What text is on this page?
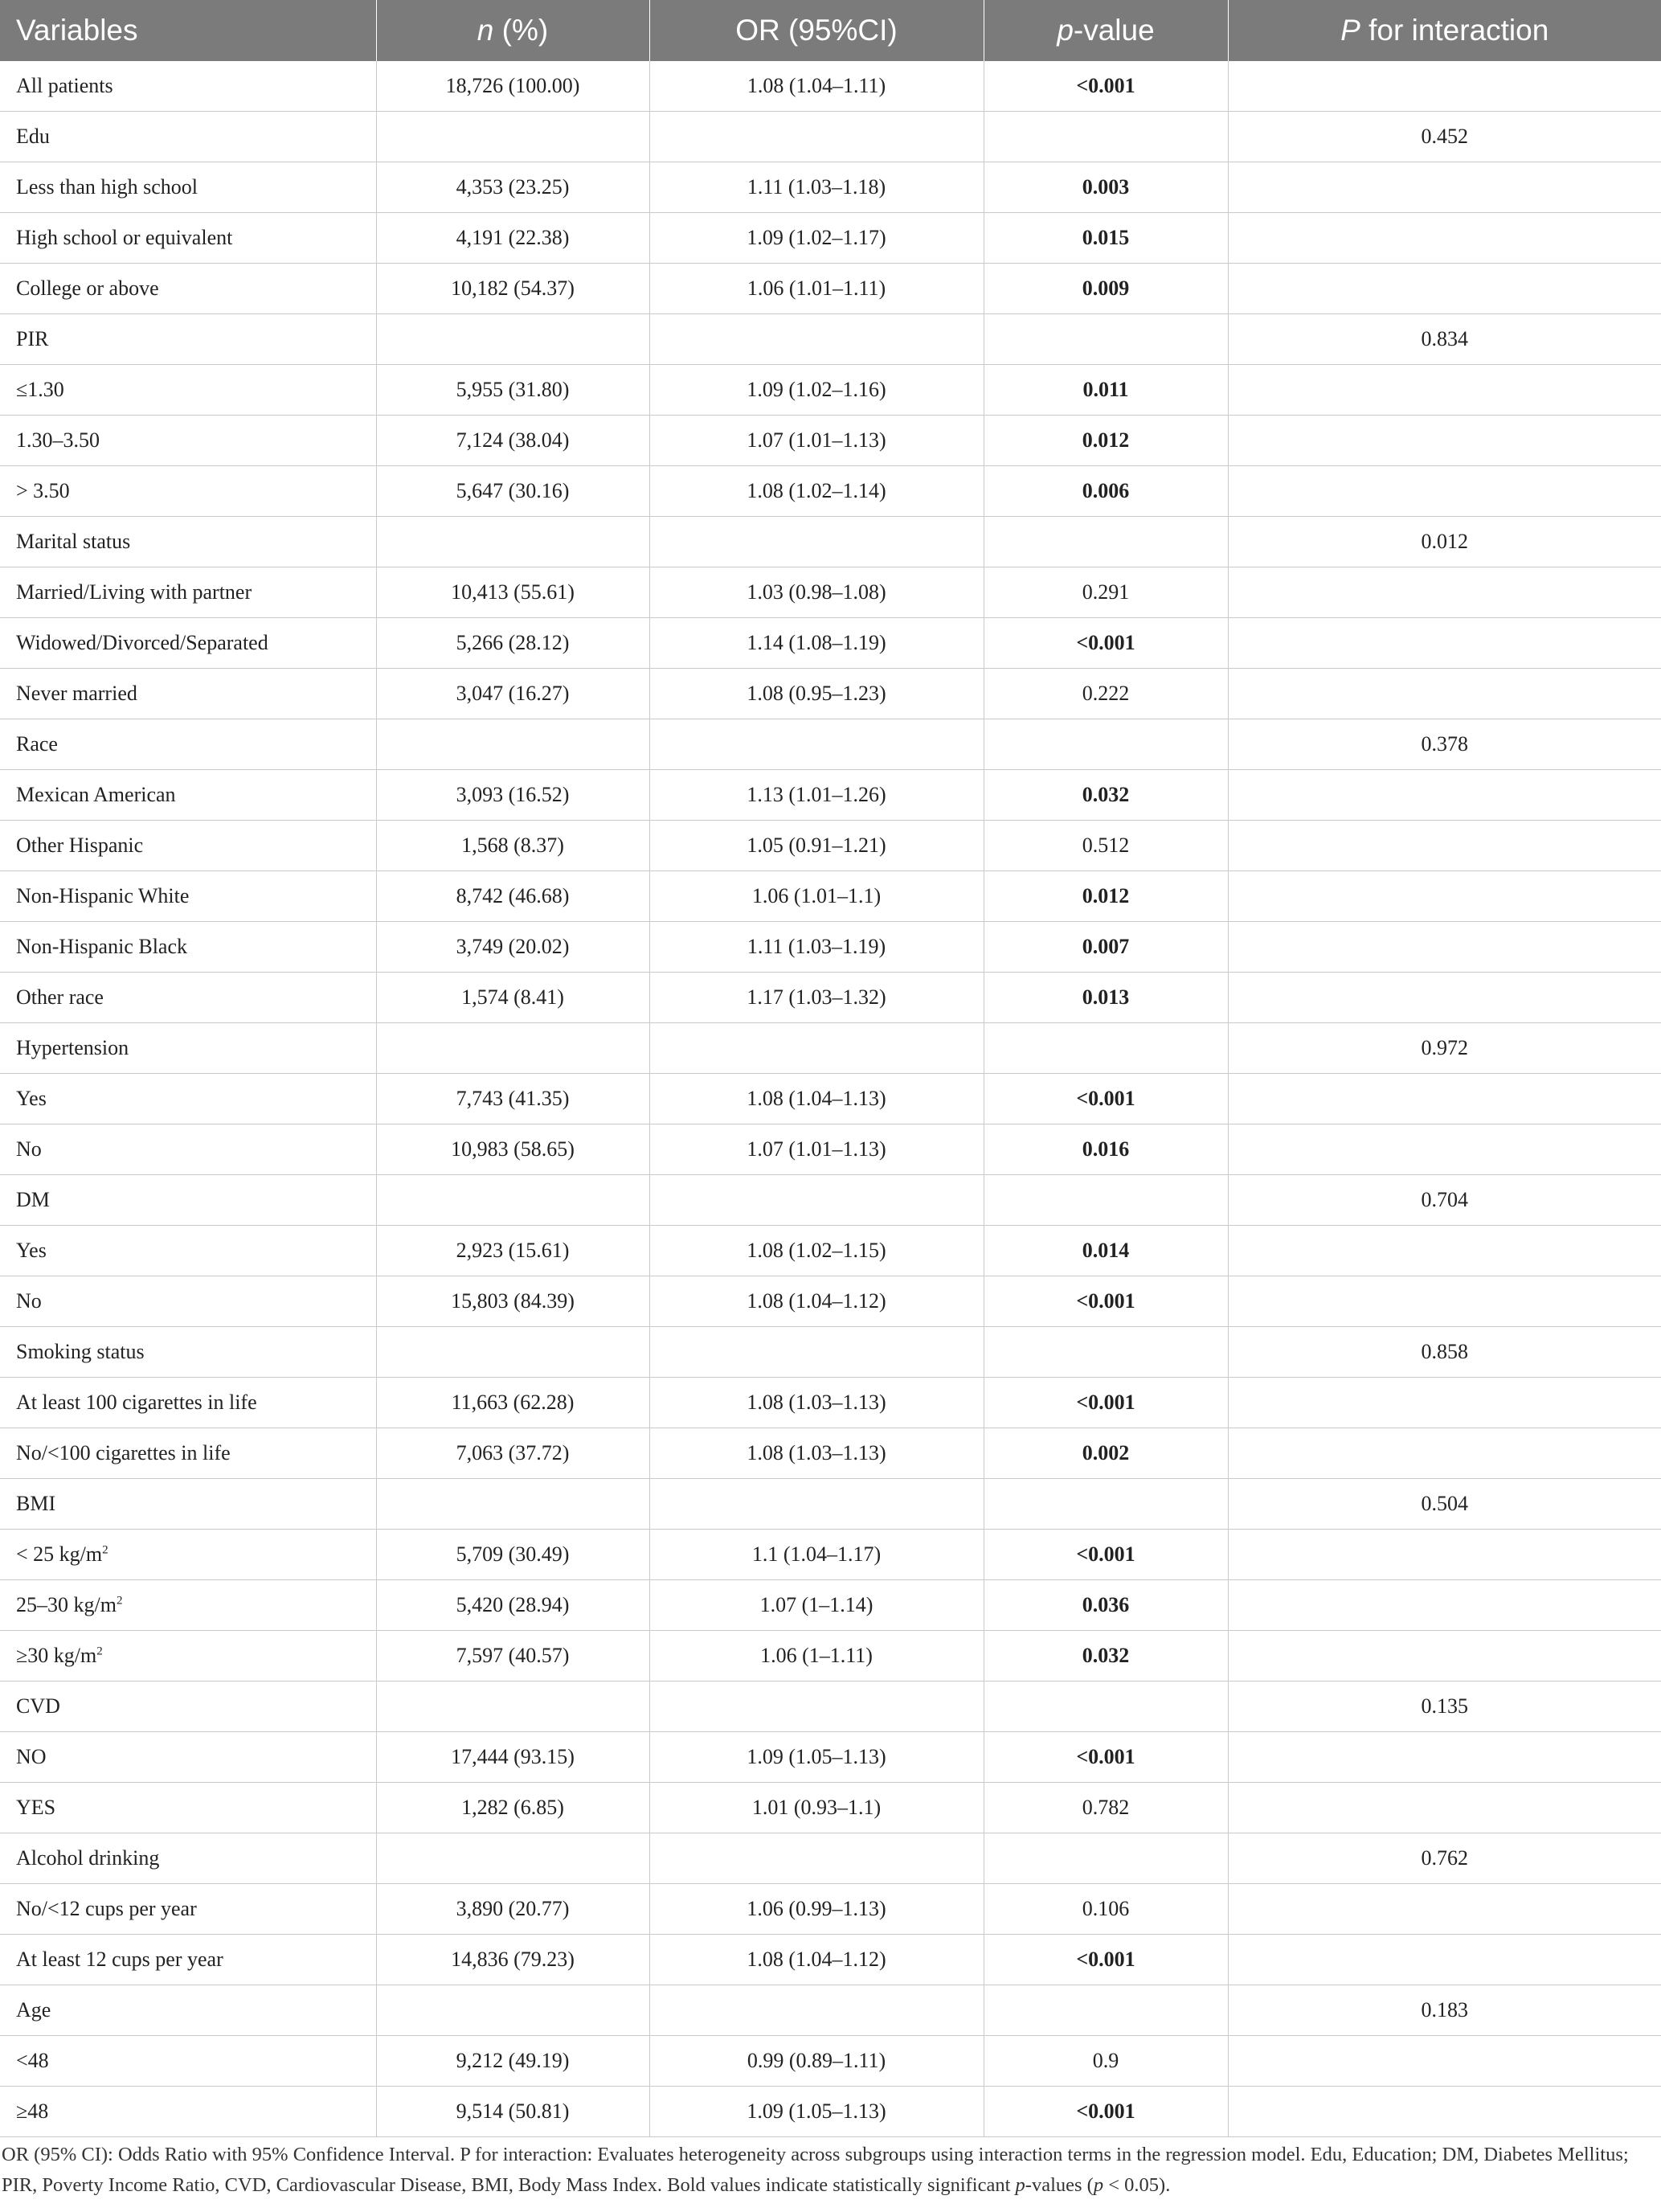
Variables	n (%)	OR (95%CI)	p-value	P for interaction
All patients	18,726 (100.00)	1.08 (1.04–1.11)	<0.001	
Edu				0.452
Less than high school	4,353 (23.25)	1.11 (1.03–1.18)	0.003	
High school or equivalent	4,191 (22.38)	1.09 (1.02–1.17)	0.015	
College or above	10,182 (54.37)	1.06 (1.01–1.11)	0.009	
PIR				0.834
≤1.30	5,955 (31.80)	1.09 (1.02–1.16)	0.011	
1.30–3.50	7,124 (38.04)	1.07 (1.01–1.13)	0.012	
> 3.50	5,647 (30.16)	1.08 (1.02–1.14)	0.006	
Marital status				0.012
Married/Living with partner	10,413 (55.61)	1.03 (0.98–1.08)	0.291	
Widowed/Divorced/Separated	5,266 (28.12)	1.14 (1.08–1.19)	<0.001	
Never married	3,047 (16.27)	1.08 (0.95–1.23)	0.222	
Race				0.378
Mexican American	3,093 (16.52)	1.13 (1.01–1.26)	0.032	
Other Hispanic	1,568 (8.37)	1.05 (0.91–1.21)	0.512	
Non-Hispanic White	8,742 (46.68)	1.06 (1.01–1.1)	0.012	
Non-Hispanic Black	3,749 (20.02)	1.11 (1.03–1.19)	0.007	
Other race	1,574 (8.41)	1.17 (1.03–1.32)	0.013	
Hypertension				0.972
Yes	7,743 (41.35)	1.08 (1.04–1.13)	<0.001	
No	10,983 (58.65)	1.07 (1.01–1.13)	0.016	
DM				0.704
Yes	2,923 (15.61)	1.08 (1.02–1.15)	0.014	
No	15,803 (84.39)	1.08 (1.04–1.12)	<0.001	
Smoking status				0.858
At least 100 cigarettes in life	11,663 (62.28)	1.08 (1.03–1.13)	<0.001	
No/<100 cigarettes in life	7,063 (37.72)	1.08 (1.03–1.13)	0.002	
BMI				0.504
< 25 $kg/m^2$	5,709 (30.49)	1.1 (1.04–1.17)	<0.001	
25–30 $kg/m^2$	5,420 (28.94)	1.07 (1–1.14)	0.036	
≥30 $kg/m^2$	7,597 (40.57)	1.06 (1–1.11)	0.032	
CVD				0.135
NO	17,444 (93.15)	1.09 (1.05–1.13)	<0.001	
YES	1,282 (6.85)	1.01 (0.93–1.1)	0.782	
Alcohol drinking				0.762
No/<12 cups per year	3,890 (20.77)	1.06 (0.99–1.13)	0.106	
At least 12 cups per year	14,836 (79.23)	1.08 (1.04–1.12)	<0.001	
Age				0.183
<48	9,212 (49.19)	0.99 (0.89–1.11)	0.9	
≥48	9,514 (50.81)	1.09 (1.05–1.13)	<0.001	
OR (95% CI): Odds Ratio with 95% Confidence Interval. P for interaction: Evaluates heterogeneity across subgroups using interaction terms in the regression model. Edu, Education; DM, Diabetes Mellitus; PIR, Poverty Income Ratio, CVD, Cardiovascular Disease, BMI, Body Mass Index. Bold values indicate statistically significant p-values (p < 0.05).
